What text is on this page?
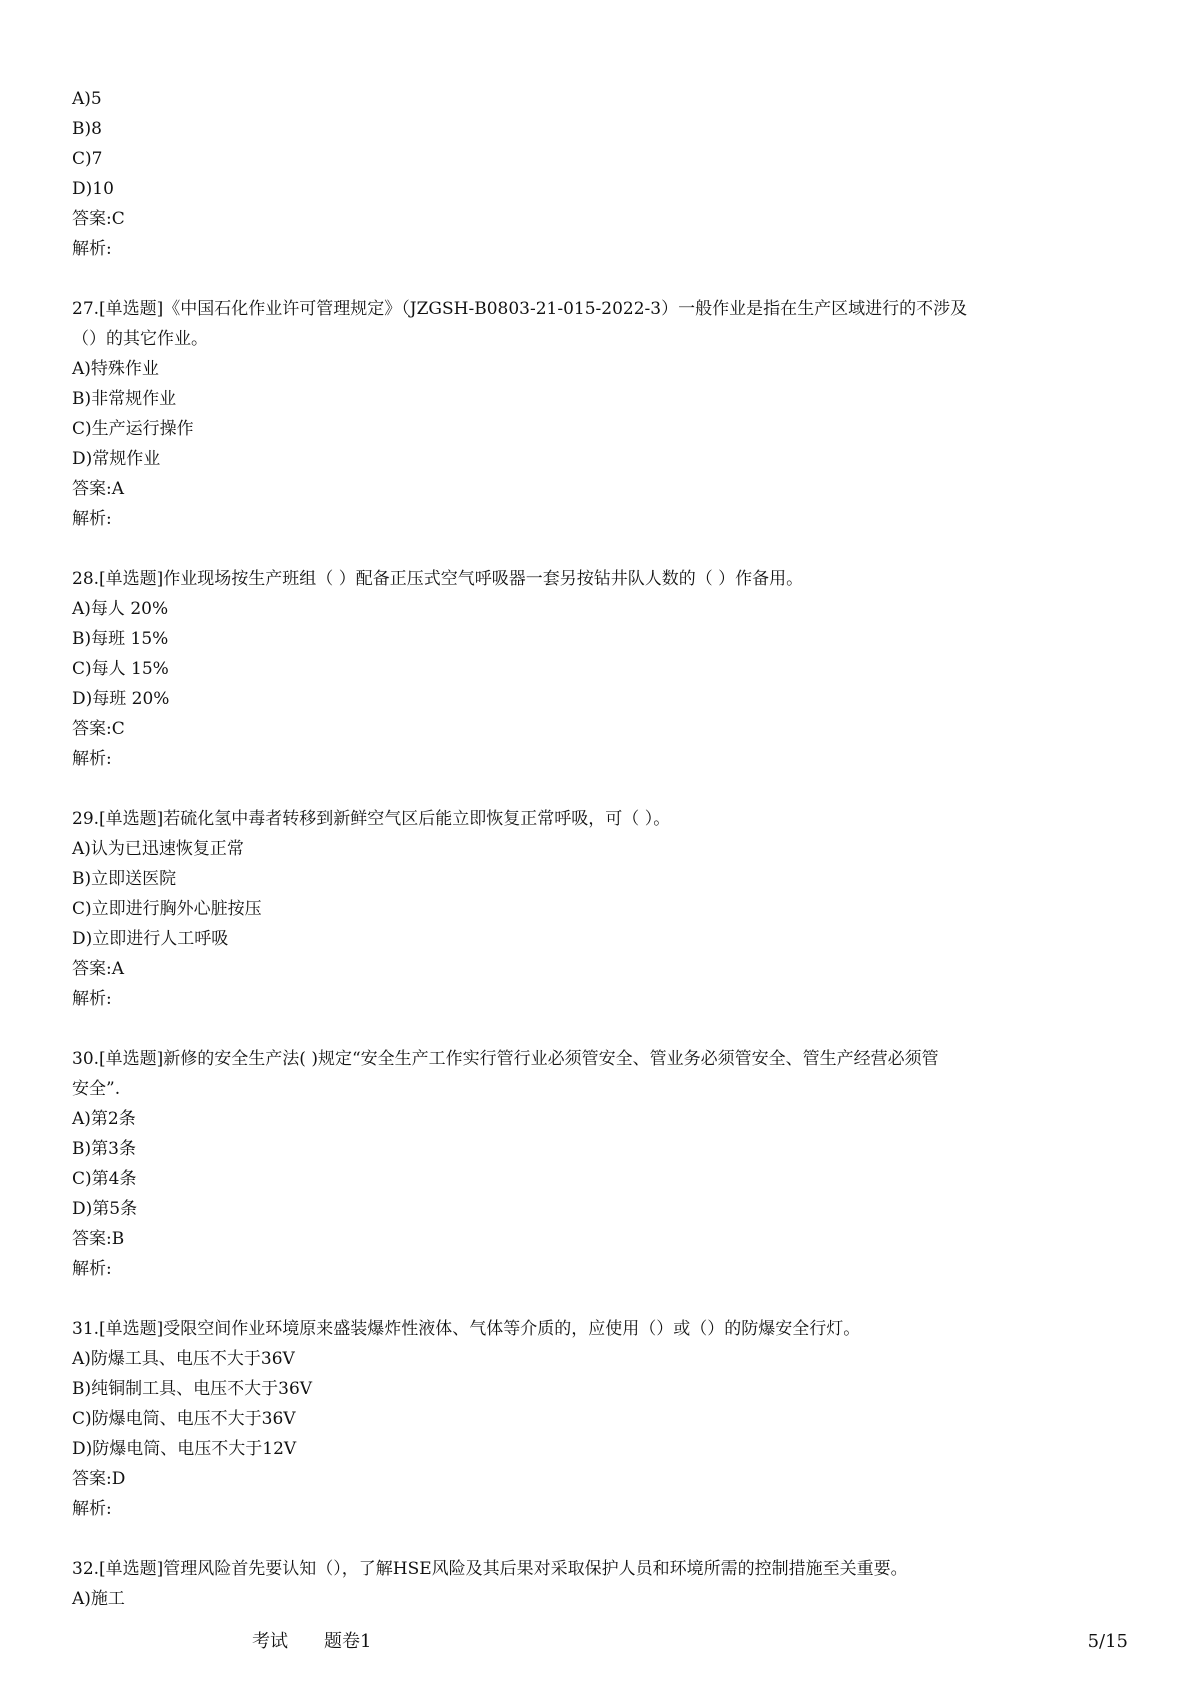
A)5

B)8

C)7

D)10

答案:C

解析:

27.[单选题]《中国石化作业许可管理规定》（JZGSH-B0803-21-015-2022-3）一般作业是指在生产区域进行的不涉及

（）的其它作业。

A)特殊作业

B)非常规作业

C)生产运行操作

D)常规作业

答案:A

解析:

28.[单选题]作业现场按生产班组（ ）配备正压式空气呼吸器一套另按钻井队人数的（ ）作备用。

A)每人 20%

B)每班 15%

C)每人 15%

D)每班 20%

答案:C

解析:

29.[单选题]若硫化氢中毒者转移到新鲜空气区后能立即恢复正常呼吸，可（ ）。

A)认为已迅速恢复正常

B)立即送医院

C)立即进行胸外心脏按压

D)立即进行人工呼吸

答案:A

解析:

30.[单选题]新修的安全生产法( )规定“安全生产工作实行管行业必须管安全、管业务必须管安全、管生产经营必须管

安全”.

A)第2条

B)第3条

C)第4条

D)第5条

答案:B

解析:

31.[单选题]受限空间作业环境原来盛装爆炸性液体、气体等介质的，应使用（）或（）的防爆安全行灯。

A)防爆工具、电压不大于36V

B)纯铜制工具、电压不大于36V

C)防爆电筒、电压不大于36V

D)防爆电筒、电压不大于12V

答案:D

解析:

32.[单选题]管理风险首先要认知（），了解HSE风险及其后果对采取保护人员和环境所需的控制措施至关重要。

A)施工

考试　　 题卷1	5/15
